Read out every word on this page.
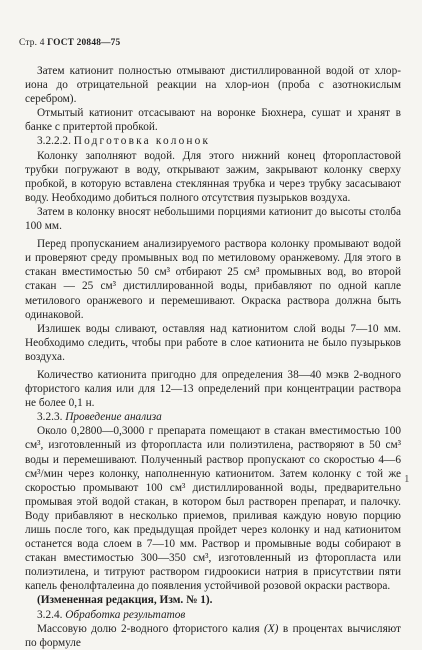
Стр. 4 ГОСТ 20848—75

Затем катионит полностью отмывают дистиллированной водой от хлор-иона до отрицательной реакции на хлор-ион (проба с азотнокислым серебром).

Отмытый катионит отсасывают на воронке Бюхнера, сушат и хранят в банке с притертой пробкой.

3.2.2.2. Подготовка колонок

Колонку заполняют водой. Для этого нижний конец фторопластовой трубки погружают в воду, открывают зажим, закрывают колонку сверху пробкой, в которую вставлена стеклянная трубка и через трубку засасывают воду. Необходимо добиться полного отсутствия пузырьков воздуха.

Затем в колонку вносят небольшими порциями катионит до высоты столба 100 мм.

Перед пропусканием анализируемого раствора колонку промывают водой и проверяют среду промывных вод по метиловому оранжевому. Для этого в стакан вместимостью 50 см³ отбирают 25 см³ промывных вод, во второй стакан — 25 см³ дистиллированной воды, прибавляют по одной капле метилового оранжевого и перемешивают. Окраска раствора должна быть одинаковой.

Излишек воды сливают, оставляя над катионитом слой воды 7—10 мм. Необходимо следить, чтобы при работе в слое катионита не было пузырьков воздуха.

Количество катионита пригодно для определения 38—40 мэкв 2-водного фтористого калия или для 12—13 определений при концентрации раствора не более 0,1 н.

3.2.3. Проведение анализа

Около 0,2800—0,3000 г препарата помещают в стакан вместимостью 100 см³, изготовленный из фторопласта или полиэтилена, растворяют в 50 см³ воды и перемешивают. Полученный раствор пропускают со скоростью 4—6 см³/мин через колонку, наполненную катионитом. Затем колонку с той же скоростью промывают 100 см³ дистиллированной воды, предварительно промывая этой водой стакан, в котором был растворен препарат, и палочку. Воду прибавляют в несколько приемов, приливая каждую новую порцию лишь после того, как предыдущая пройдет через колонку и над катионитом останется вода слоем в 7—10 мм. Раствор и промывные воды собирают в стакан вместимостью 300—350 см³, изготовленный из фторопласта или полиэтилена, и титруют раствором гидроокиси натрия в присутствии пяти капель фенолфталеина до появления устойчивой розовой окраски раствора.

(Измененная редакция, Изм. № 1).

3.2.4. Обработка результатов

Массовую долю 2-водного фтористого калия (X) в процентах вычисляют по формуле

1
